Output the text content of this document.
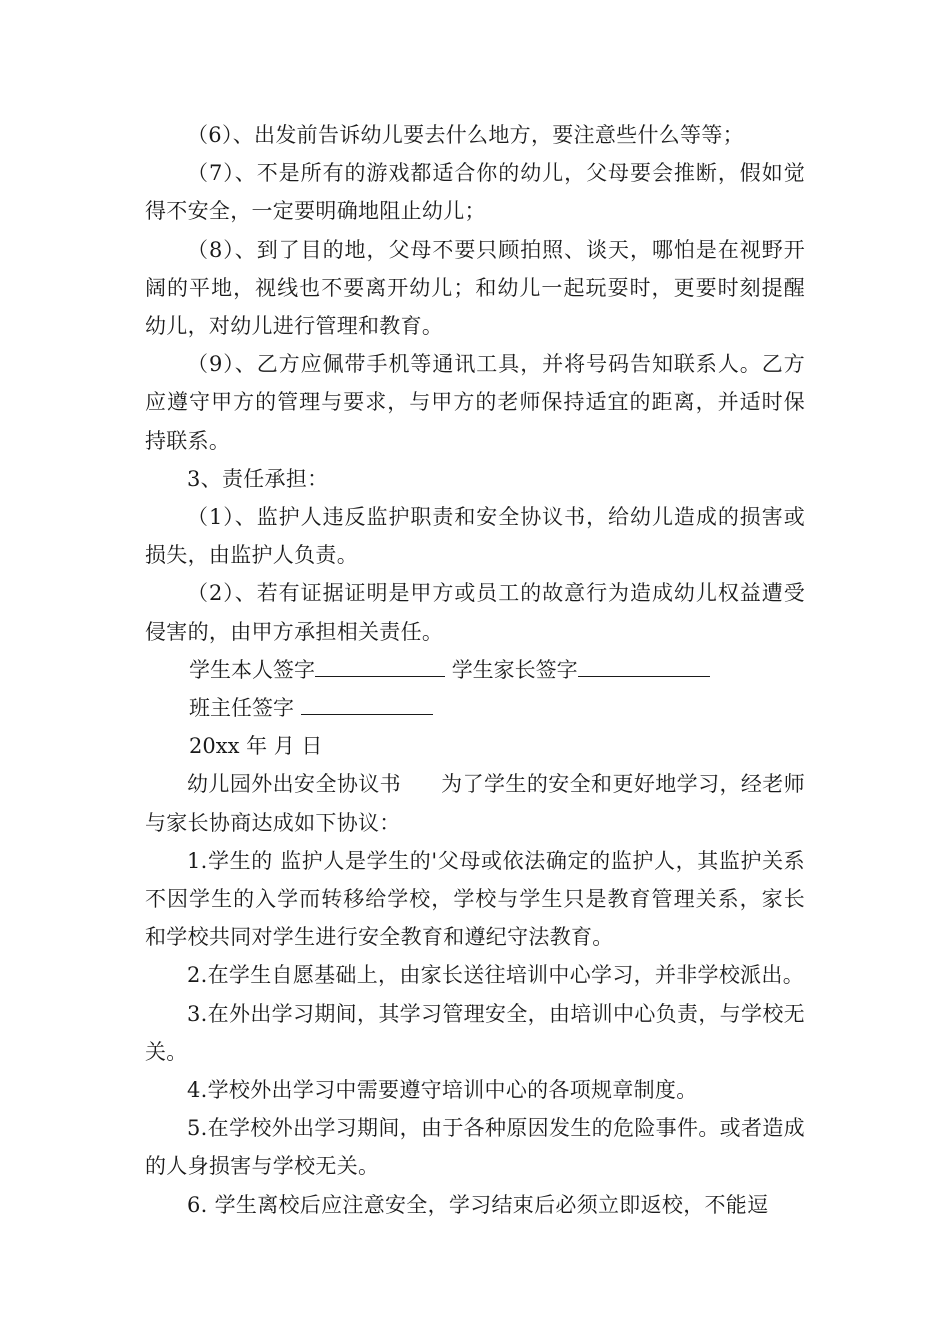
（6）、出发前告诉幼儿要去什么地方，要注意些什么等等；

（7）、不是所有的游戏都适合你的幼儿，父母要会推断，假如觉得不安全，一定要明确地阻止幼儿；

（8）、到了目的地，父母不要只顾拍照、谈天，哪怕是在视野开阔的平地，视线也不要离开幼儿；和幼儿一起玩耍时，更要时刻提醒幼儿，对幼儿进行管理和教育。

（9）、乙方应佩带手机等通讯工具，并将号码告知联系人。乙方应遵守甲方的管理与要求，与甲方的老师保持适宜的距离，并适时保持联系。

3、责任承担：

（1）、监护人违反监护职责和安全协议书，给幼儿造成的损害或损失，由监护人负责。

（2）、若有证据证明是甲方或员工的故意行为造成幼儿权益遭受侵害的，由甲方承担相关责任。

学生本人签字	学生家长签字

班主任签字

20xx 年 月 日

幼儿园外出安全协议书 为了学生的安全和更好地学习，经老师与家长协商达成如下协议：

1.学生的 监护人是学生的'父母或依法确定的监护人，其监护关系不因学生的入学而转移给学校，学校与学生只是教育管理关系，家长和学校共同对学生进行安全教育和遵纪守法教育。

2.在学生自愿基础上，由家长送往培训中心学习，并非学校派出。

3.在外出学习期间，其学习管理安全，由培训中心负责，与学校无关。

4.学校外出学习中需要遵守培训中心的各项规章制度。

5.在学校外出学习期间，由于各种原因发生的危险事件。或者造成的人身损害与学校无关。

6. 学生离校后应注意安全，学习结束后必须立即返校，不能逗
